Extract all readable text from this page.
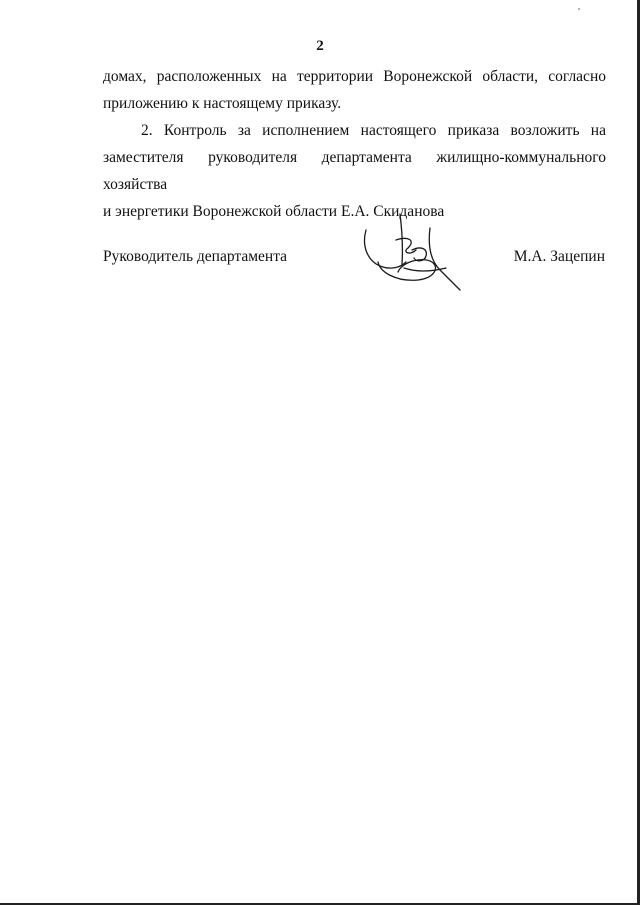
2
домах, расположенных на территории Воронежской области, согласно
приложению к настоящему приказу.
2. Контроль за исполнением настоящего приказа возложить на
заместителя руководителя департамента жилищно-коммунального хозяйства
и энергетики Воронежской области Е.А. Скиданова
Руководитель департамента	М.А. Зацепин
